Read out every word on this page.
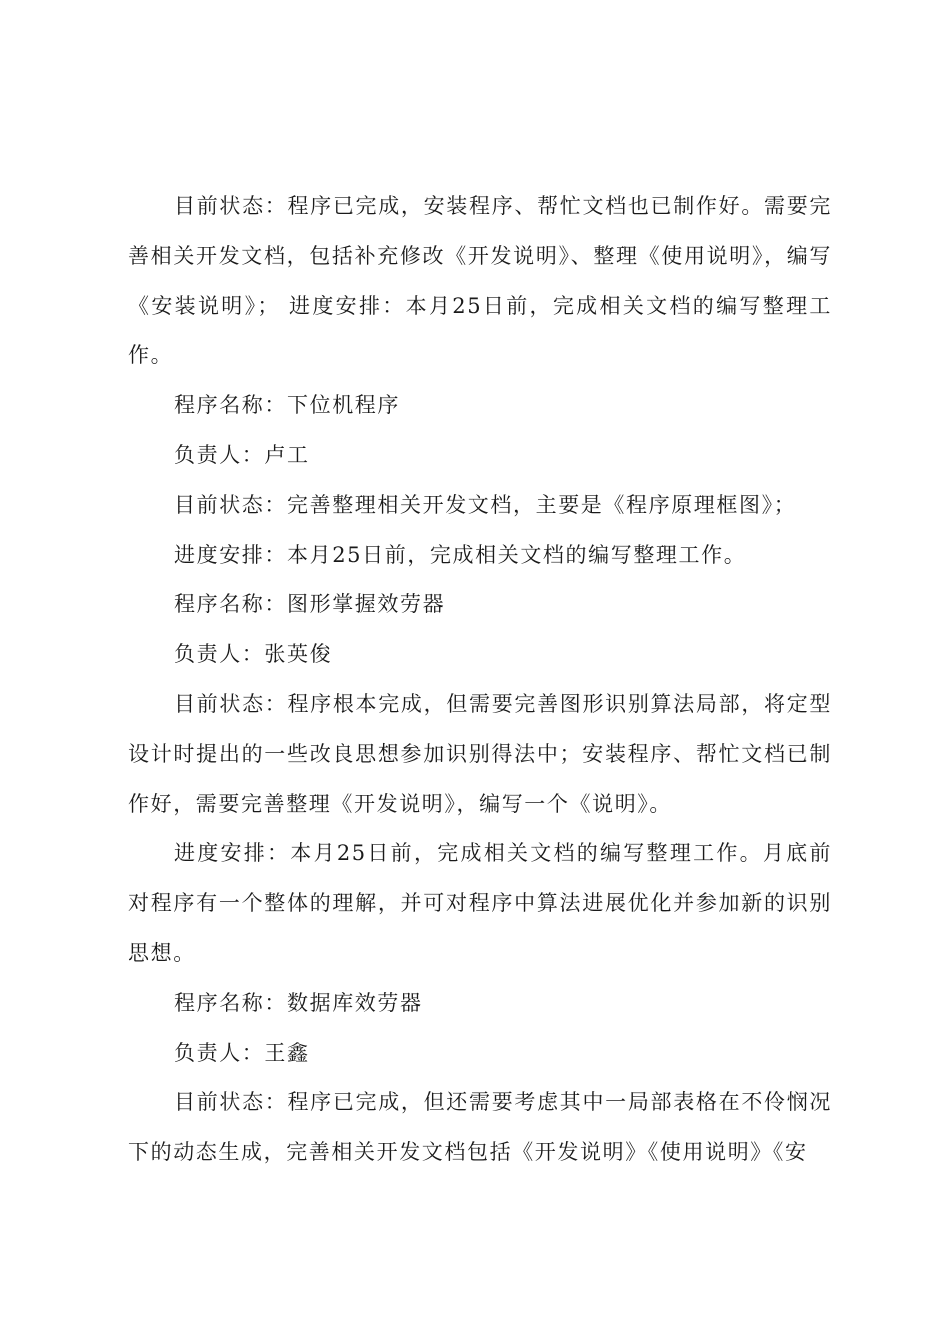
目前状态：程序已完成，安装程序、帮忙文档也已制作好。需要完善相关开发文档，包括补充修改《开发说明》、整理《使用说明》，编写《安装说明》； 进度安排：本月25日前，完成相关文档的编写整理工作。

程序名称：下位机程序

负责人：卢工

目前状态：完善整理相关开发文档，主要是《程序原理框图》；

进度安排：本月25日前，完成相关文档的编写整理工作。

程序名称：图形掌握效劳器

负责人：张英俊

目前状态：程序根本完成，但需要完善图形识别算法局部，将定型设计时提出的一些改良思想参加识别得法中；安装程序、帮忙文档已制作好，需要完善整理《开发说明》，编写一个《说明》。

进度安排：本月25日前，完成相关文档的编写整理工作。月底前对程序有一个整体的理解，并可对程序中算法进展优化并参加新的识别思想。

程序名称：数据库效劳器

负责人：王鑫

目前状态：程序已完成，但还需要考虑其中一局部表格在不伶悯况下的动态生成，完善相关开发文档包括《开发说明》《使用说明》《安
